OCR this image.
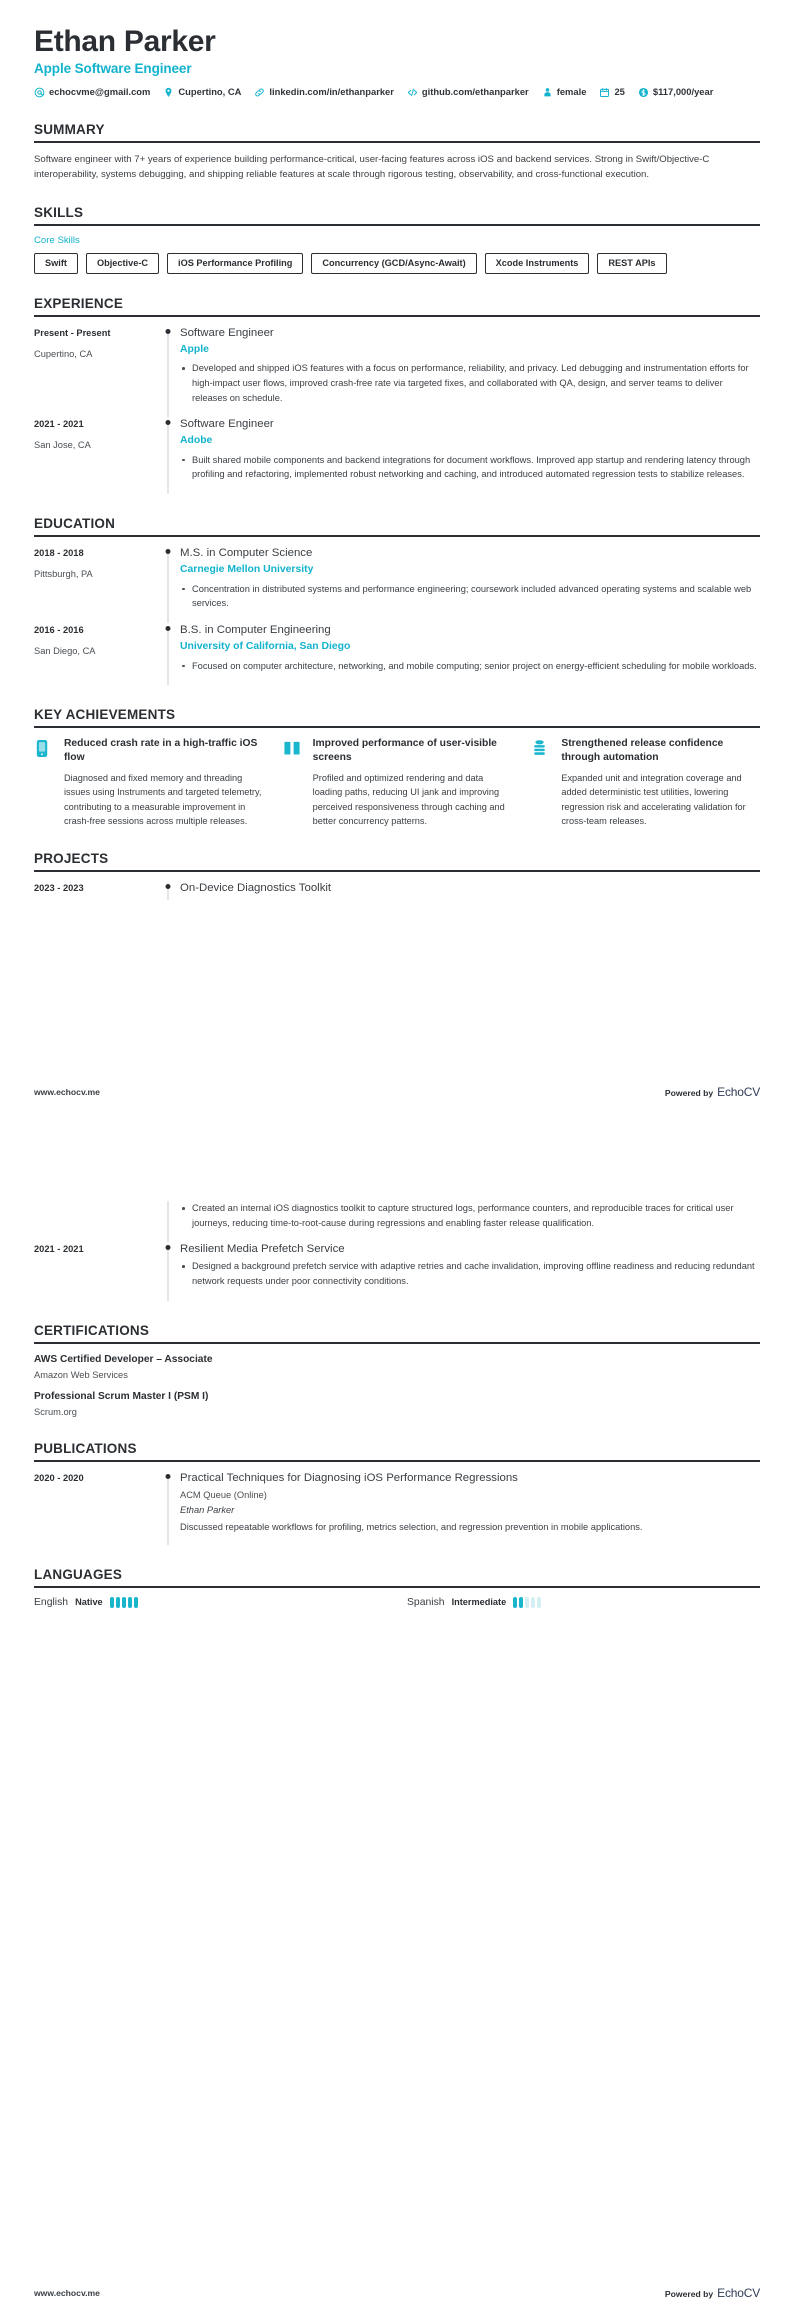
Ethan Parker
Apple Software Engineer
echocvme@gmail.com	Cupertino, CA	linkedin.com/in/ethanparker	github.com/ethanparker	female	25	$117,000/year
SUMMARY

Software engineer with 7+ years of experience building performance-critical, user-facing features across iOS and backend services. Strong in Swift/Objective-C interoperability, systems debugging, and shipping reliable features at scale through rigorous testing, observability, and cross-functional execution.

SKILLS
Core Skills
Swift	Objective-C	iOS Performance Profiling	Concurrency (GCD/Async-Await)	Xcode Instruments	REST APIs
EXPERIENCE
Present - Present
Cupertino, CA
Software Engineer
Apple
Developed and shipped iOS features with a focus on performance, reliability, and privacy. Led debugging and instrumentation efforts for high-impact user flows, improved crash-free rate via targeted fixes, and collaborated with QA, design, and server teams to deliver releases on schedule.
2021 - 2021
San Jose, CA
Software Engineer
Adobe
Built shared mobile components and backend integrations for document workflows. Improved app startup and rendering latency through profiling and refactoring, implemented robust networking and caching, and introduced automated regression tests to stabilize releases.
EDUCATION
2018 - 2018
Pittsburgh, PA
M.S. in Computer Science
Carnegie Mellon University
Concentration in distributed systems and performance engineering; coursework included advanced operating systems and scalable web services.
2016 - 2016
San Diego, CA
B.S. in Computer Engineering
University of California, San Diego
Focused on computer architecture, networking, and mobile computing; senior project on energy-efficient scheduling for mobile workloads.
KEY ACHIEVEMENTS
Reduced crash rate in a high-traffic iOS flow

Diagnosed and fixed memory and threading issues using Instruments and targeted telemetry, contributing to a measurable improvement in crash-free sessions across multiple releases.

Improved performance of user-visible screens

Profiled and optimized rendering and data loading paths, reducing UI jank and improving perceived responsiveness through caching and better concurrency patterns.

Strengthened release confidence through automation

Expanded unit and integration coverage and added deterministic test utilities, lowering regression risk and accelerating validation for cross-team releases.

PROJECTS
2023 - 2023	On-Device Diagnostics Toolkit
www.echocv.me	Powered by EchoCV
Created an internal iOS diagnostics toolkit to capture structured logs, performance counters, and reproducible traces for critical user journeys, reducing time-to-root-cause during regressions and enabling faster release qualification.
2021 - 2021	Resilient Media Prefetch Service
Designed a background prefetch service with adaptive retries and cache invalidation, improving offline readiness and reducing redundant network requests under poor connectivity conditions.
CERTIFICATIONS
AWS Certified Developer – Associate

Amazon Web Services

Professional Scrum Master I (PSM I)

Scrum.org

PUBLICATIONS
2020 - 2020	Practical Techniques for Diagnosing iOS Performance Regressions

ACM Queue (Online)

Ethan Parker

Discussed repeatable workflows for profiling, metrics selection, and regression prevention in mobile applications.

LANGUAGES
English Native	Spanish Intermediate
www.echocv.me	Powered by EchoCV
